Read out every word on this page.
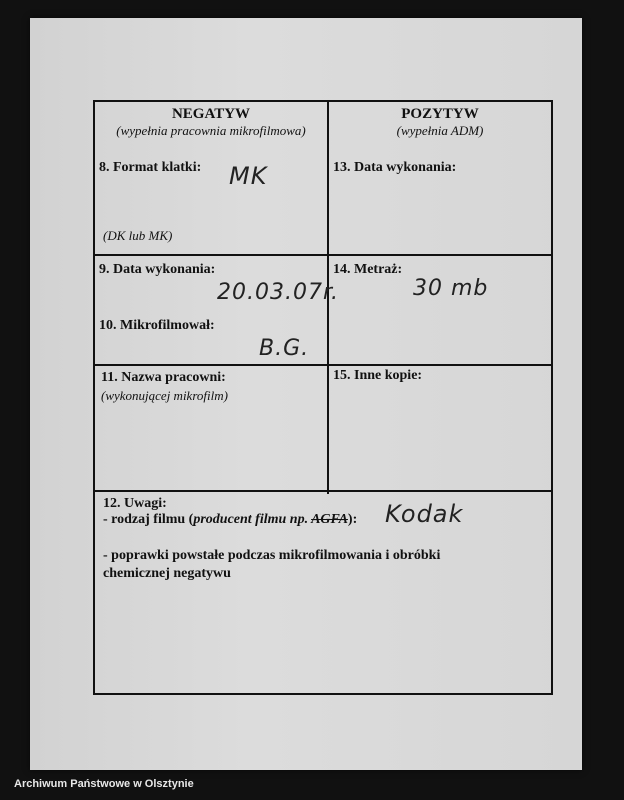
NEGATYW
(wypełnia pracownia mikrofilmowa)
POZYTYW
(wypełnia ADM)
8. Format klatki: MK
(DK lub MK)
13. Data wykonania:
9. Data wykonania:
20.03.07r.
14. Metraż:
30 mb
10. Mikrofilmował:
B.G.
11. Nazwa pracowni:
(wykonującej mikrofilm)
15. Inne kopie:
12. Uwagi:
- rodzaj filmu (producent filmu np. AGFA): Kodak
- poprawki powstałe podczas mikrofilmowania i obróbki
chemicznej negatywu
Archiwum Państwowe w Olsztynie
